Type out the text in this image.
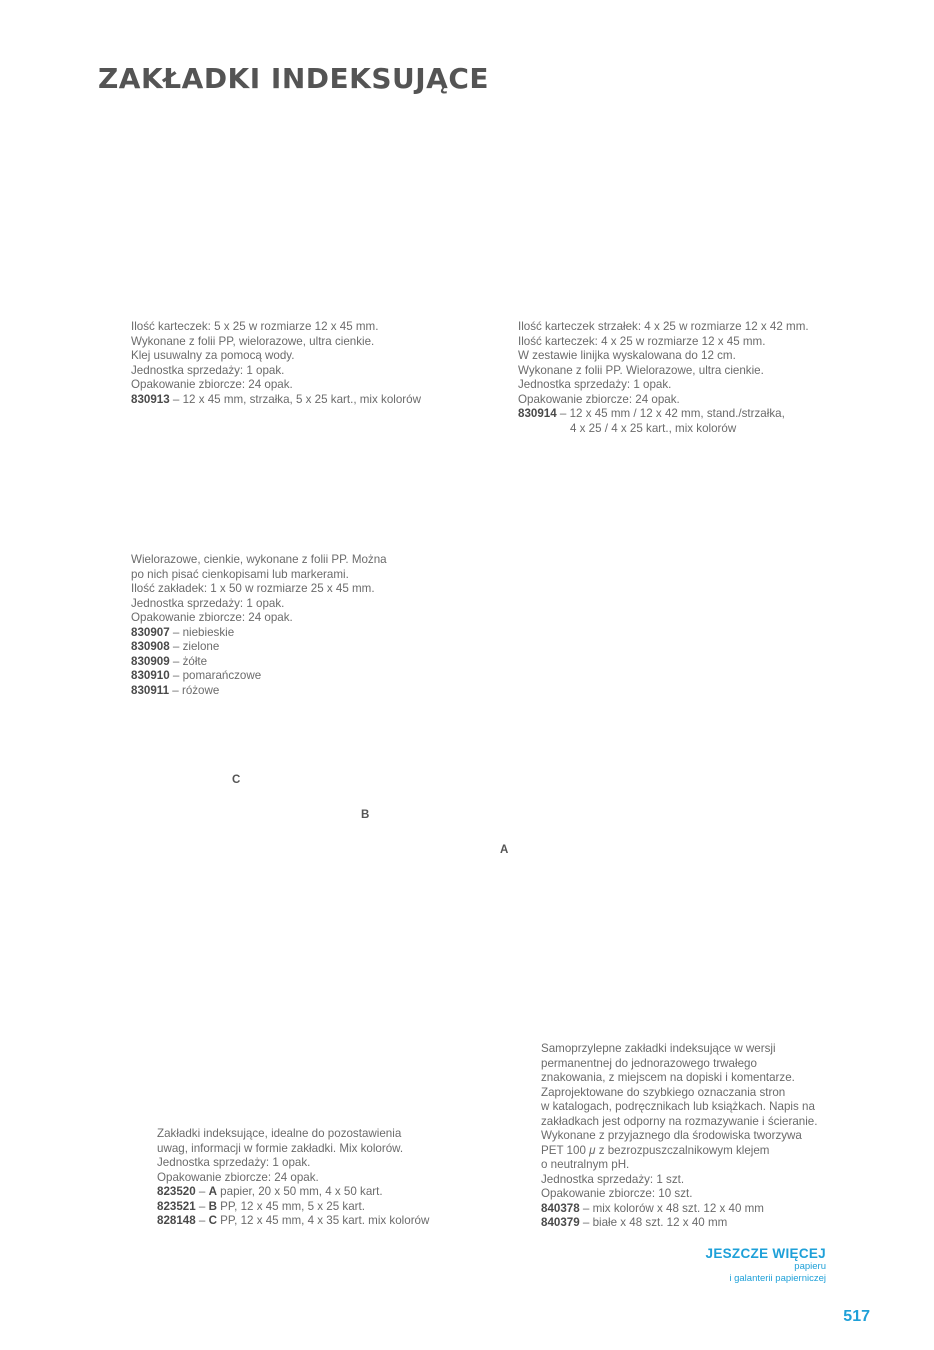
ZAKŁADKI INDEKSUJĄCE
Ilość karteczek: 5 x 25 w rozmiarze 12 x 45 mm.
Wykonane z folii PP, wielorazowe, ultra cienkie.
Klej usuwalny za pomocą wody.
Jednostka sprzedaży: 1 opak.
Opakowanie zbiorcze: 24 opak.
830913 – 12 x 45 mm, strzałka, 5 x 25 kart., mix kolorów
Ilość karteczek strzałek: 4 x 25 w rozmiarze 12 x 42 mm.
Ilość karteczek: 4 x 25 w rozmiarze 12 x 45 mm.
W zestawie linijka wyskalowana do 12 cm.
Wykonane z folii PP. Wielorazowe, ultra cienkie.
Jednostka sprzedaży: 1 opak.
Opakowanie zbiorcze: 24 opak.
830914 – 12 x 45 mm / 12 x 42 mm, stand./strzałka,
4 x 25 / 4 x 25 kart., mix kolorów
Wielorazowe, cienkie, wykonane z folii PP. Można
po nich pisać cienkopisami lub markerami.
Ilość zakładek: 1 x 50 w rozmiarze 25 x 45 mm.
Jednostka sprzedaży: 1 opak.
Opakowanie zbiorcze: 24 opak.
830907 – niebieskie
830908 – zielone
830909 – żółte
830910 – pomarańczowe
830911 – różowe
C
B
A
Zakładki indeksujące, idealne do pozostawienia
uwag, informacji w formie zakładki. Mix kolorów.
Jednostka sprzedaży: 1 opak.
Opakowanie zbiorcze: 24 opak.
823520 – A papier, 20 x 50 mm, 4 x 50 kart.
823521 – B PP, 12 x 45 mm, 5 x 25 kart.
828148 – C PP, 12 x 45 mm, 4 x 35 kart. mix kolorów
Samoprzylepne zakładki indeksujące w wersji
permanentnej do jednorazowego trwałego
znakowania, z miejscem na dopiski i komentarze.
Zaprojektowane do szybkiego oznaczania stron
w katalogach, podręcznikach lub książkach. Napis na
zakładkach jest odporny na rozmazywanie i ścieranie.
Wykonane z przyjaznego dla środowiska tworzywa
PET 100 μ z bezrozpuszczalnikowym klejem
o neutralnym pH.
Jednostka sprzedaży: 1 szt.
Opakowanie zbiorcze: 10 szt.
840378 – mix kolorów x 48 szt. 12 x 40 mm
840379 – białe x 48 szt. 12 x 40 mm
JESZCZE WIĘCEJ
papieru
i galanterii papierniczej
517
